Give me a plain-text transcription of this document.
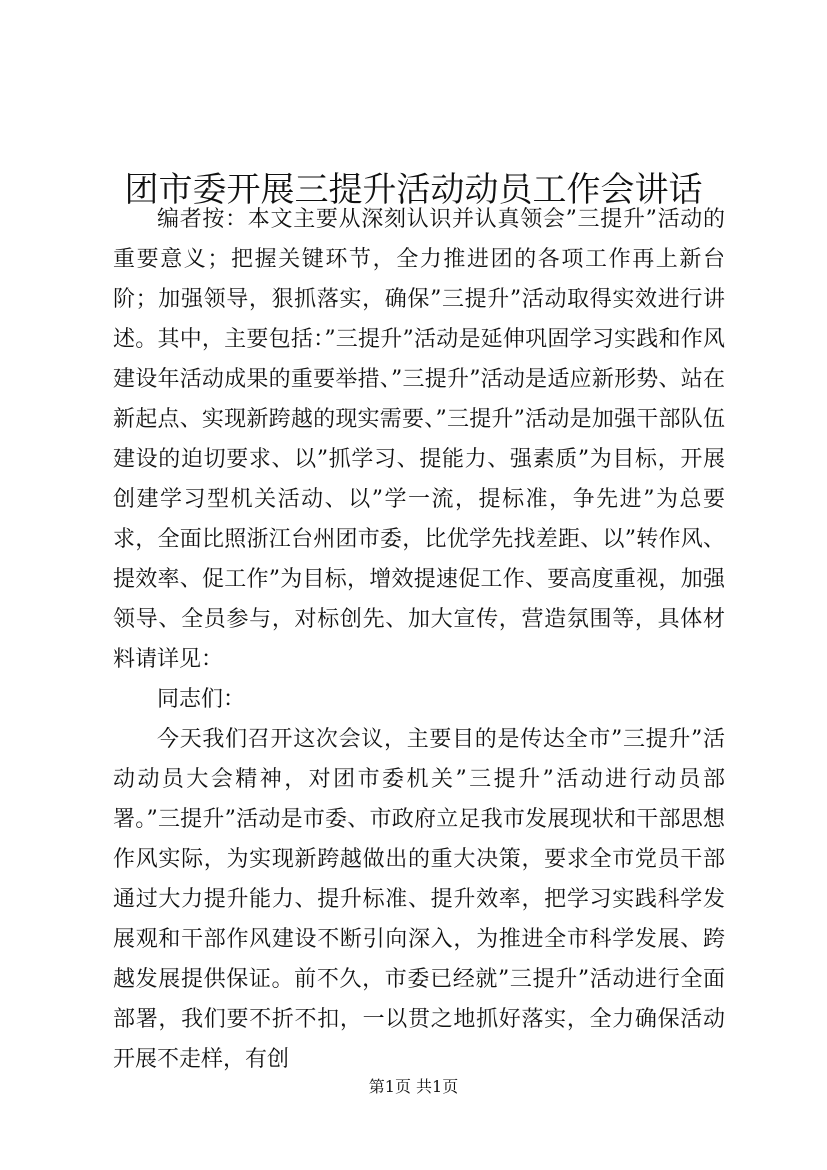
团市委开展三提升活动动员工作会讲话

编者按：本文主要从深刻认识并认真领会”三提升”活动的重要意义；把握关键环节，全力推进团的各项工作再上新台阶；加强领导，狠抓落实，确保”三提升”活动取得实效进行讲述。其中，主要包括：”三提升”活动是延伸巩固学习实践和作风建设年活动成果的重要举措、”三提升”活动是适应新形势、站在新起点、实现新跨越的现实需要、”三提升”活动是加强干部队伍建设的迫切要求、以”抓学习、提能力、强素质”为目标，开展创建学习型机关活动、以”学一流，提标准，争先进”为总要求，全面比照浙江台州团市委，比优学先找差距、以”转作风、提效率、促工作”为目标，增效提速促工作、要高度重视，加强领导、全员参与，对标创先、加大宣传，营造氛围等，具体材料请详见：

同志们：

今天我们召开这次会议，主要目的是传达全市”三提升”活动动员大会精神，对团市委机关”三提升”活动进行动员部署。”三提升”活动是市委、市政府立足我市发展现状和干部思想作风实际，为实现新跨越做出的重大决策，要求全市党员干部通过大力提升能力、提升标准、提升效率，把学习实践科学发展观和干部作风建设不断引向深入，为推进全市科学发展、跨越发展提供保证。前不久，市委已经就”三提升”活动进行全面部署，我们要不折不扣，一以贯之地抓好落实，全力确保活动开展不走样，有创

第1页 共1页
